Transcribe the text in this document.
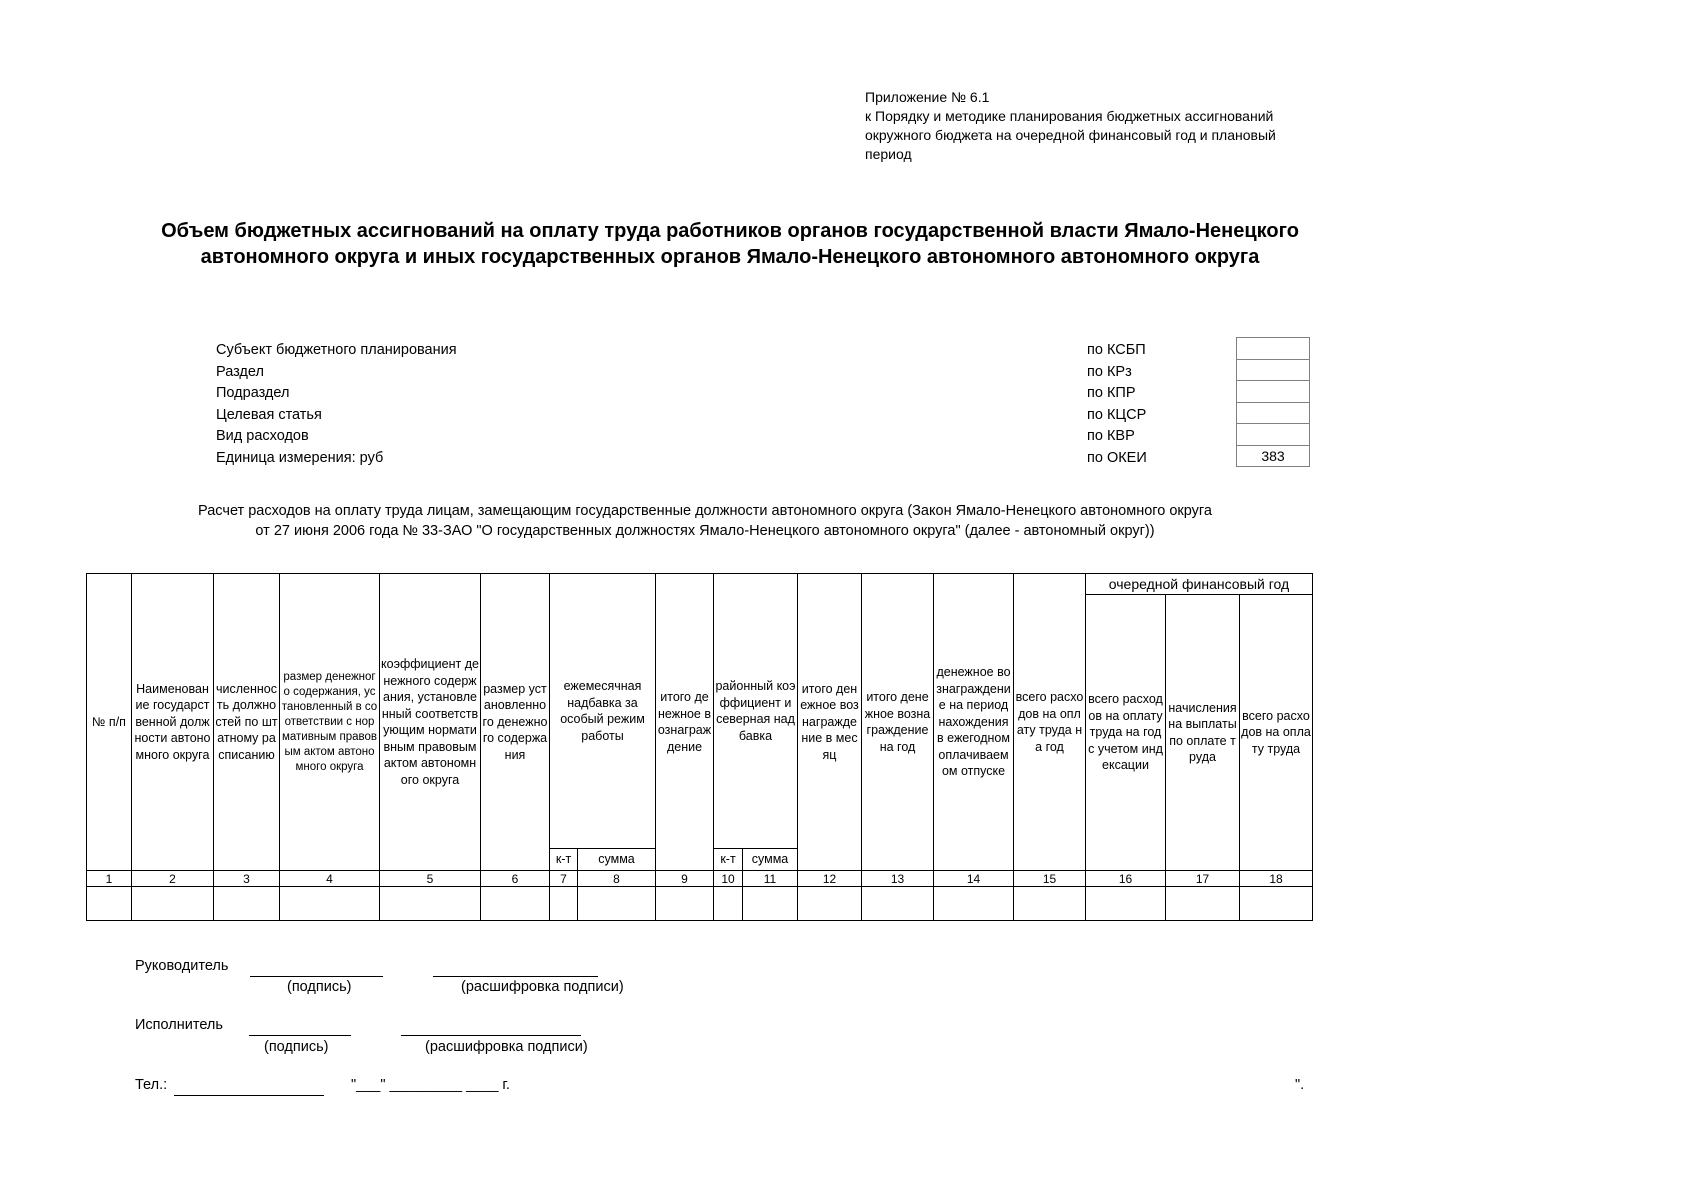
Приложение № 6.1
к Порядку и методике планирования бюджетных ассигнований
окружного бюджета на очередной финансовый год и плановый
период
Объем бюджетных ассигнований на оплату труда работников органов государственной власти Ямало-Ненецкого автономного округа и иных государственных органов Ямало-Ненецкого автономного автономного округа
Субъект бюджетного планирования
Раздел
Подраздел
Целевая статья
Вид расходов
Единица измерения: руб
по КСБП
по КРз
по КПР
по КЦСР
по КВР
по ОКЕИ	383
Расчет расходов на оплату труда лицам, замещающим государственные должности автономного округа (Закон Ямало-Ненецкого автономного округа
от 27 июня 2006 года № 33-ЗАО "О государственных должностях Ямало-Ненецкого автономного округа" (далее - автономный округ))
№ п/п	Наименование государственной должности автономного округа	численность должностей по штатному расписанию	размер денежного содержания, установленный в соответствии с нормативным правовым актом автономного округа	коэффициент денежного содержания, установленный соответствующим нормативным правовым актом автономного округа	размер установленного денежного содержания	ежемесячная надбавка за особый режим работы		итого денежное вознаграждение	районный коэффициент и северная надбавка		итого денежное вознаграждение в месяц	итого денежное вознаграждение на год	денежное вознаграждение на период нахождения в ежегодном оплачиваемом отпуске	всего расходов на оплату труда на год	очередной финансовый год		
															всего расходов на оплату труда на год с учетом индексации	начисления на выплаты по оплате труда	всего расходов на оплату труда
						к-т	сумма		к-т	сумма							
1	2	3	4	5	6	7	8	9	10	11	12	13	14	15	16	17	18

Руководитель
(подпись)	(расшифровка подписи)
Исполнитель
(подпись)	(расшифровка подписи)
Тел.:	"___" _________ ____ г.	".
